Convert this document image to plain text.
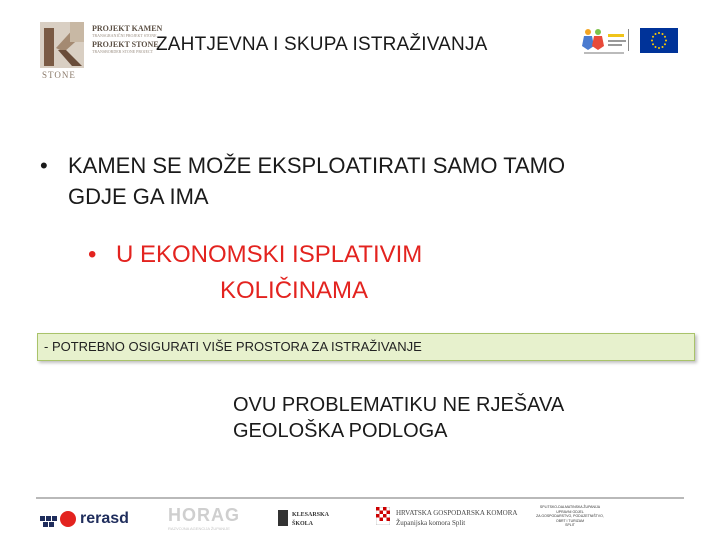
STONE
PROJEKT KAMEN
TRANSGRANIČNI PROJEKT STONE
PROJEKT STONE
TRANSBORDER STONE PROJECT ZAHTJEVNA I SKUPA ISTRAŽIVANJA
• KAMEN SE MOŽE EKSPLOATIRATI SAMO TAMO
GDJE GA IMA
• U EKONOMSKI ISPLATIVIM
KOLIČINAMA
- POTREBNO OSIGURATI VIŠE PROSTORA ZA ISTRAŽIVANJE
OVU PROBLEMATIKU NE RJEŠAVA
GEOLOŠKA PODLOGA
rerasd HORAG
RAZVOJNA AGENCIJA ŽUPANIJE
KLESARSKA
ŠKOLA
HRVATSKA GOSPODARSKA KOMORA
Županijska komora Split
SPLITSKO-DALMATINSKA ŽUPANIJA
UPRAVNI ODJEL
ZA GOSPODARSTVO, PODUZETNIŠTVO,
OBRT I TURIZAM
SPLIT
